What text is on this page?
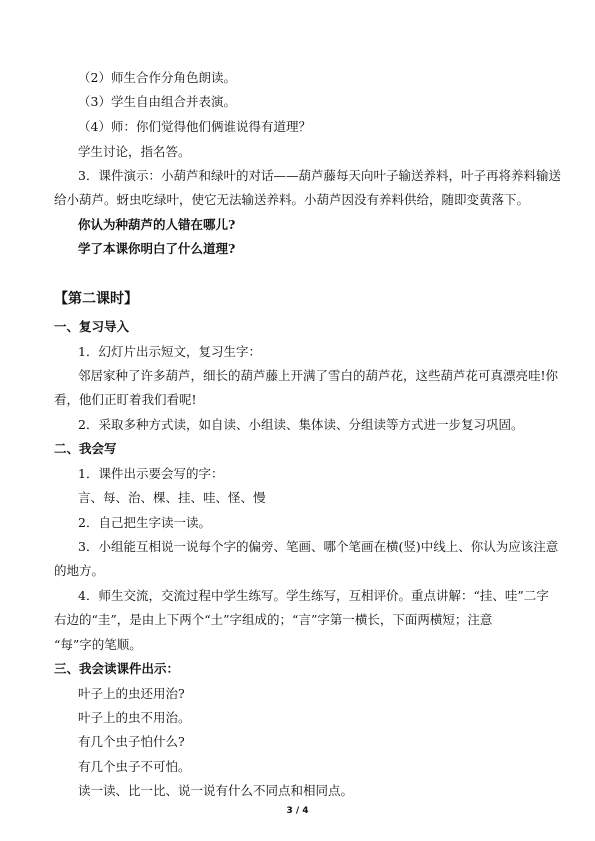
（2）师生合作分角色朗读。
（3）学生自由组合并表演。
（4）师：你们觉得他们俩谁说得有道理？
学生讨论，指名答。
3．课件演示：小葫芦和绿叶的对话——葫芦藤每天向叶子输送养料，叶子再将养料输送
给小葫芦。蚜虫吃绿叶，使它无法输送养料。小葫芦因没有养料供给，随即变黄落下。
你认为种葫芦的人错在哪儿?
学了本课你明白了什么道理?
【第二课时】
一、复习导入
1．幻灯片出示短文，复习生字：
邻居家种了许多葫芦，细长的葫芦藤上开满了雪白的葫芦花，这些葫芦花可真漂亮哇!你
看，他们正盯着我们看呢!
2．采取多种方式读，如自读、小组读、集体读、分组读等方式进一步复习巩固。
二、我会写
1．课件出示要会写的字：
言、每、治、棵、挂、哇、怪、慢
2．自己把生字读一读。
3．小组能互相说一说每个字的偏旁、笔画、哪个笔画在横(竖)中线上、你认为应该注意
的地方。
4．师生交流，交流过程中学生练写。学生练写，互相评价。重点讲解：“挂、哇”二字
右边的“圭”，是由上下两个“土”字组成的；“言”字第一横长，下面两横短；注意
“每”字的笔顺。
三、我会读课件出示：
叶子上的虫还用治?
叶子上的虫不用治。
有几个虫子怕什么?
有几个虫子不可怕。
读一读、比一比、说一说有什么不同点和相同点。
3 / 4
